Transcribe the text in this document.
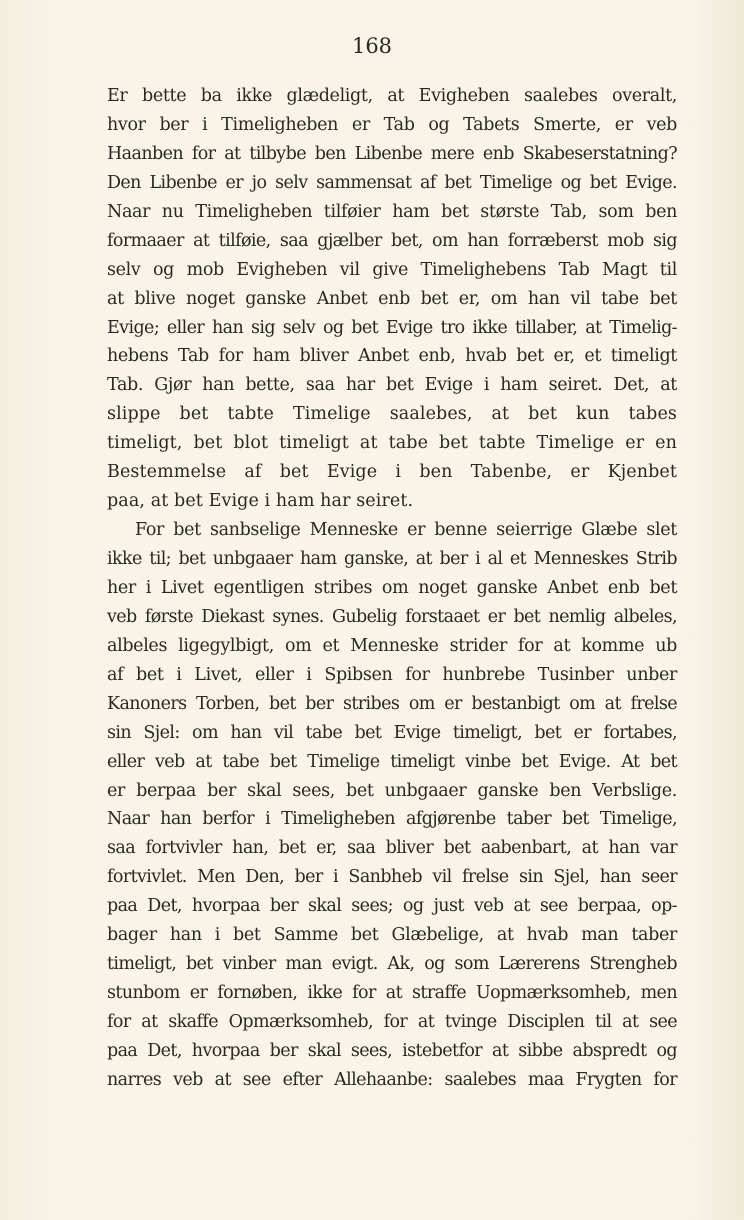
168
Er bette ba ikke glædeligt, at Evigheben saalebes overalt,
hvor ber i Timeligheben er Tab og Tabets Smerte, er veb
Haanben for at tilbybe ben Libenbe mere enb Skabeserstatning?
Den Libenbe er jo selv sammensat af bet Timelige og bet Evige.
Naar nu Timeligheben tilføier ham bet største Tab, som ben
formaaer at tilføie, saa gjælber bet, om han forræberst mob sig
selv og mob Evigheben vil give Timelighebens Tab Magt til
at blive noget ganske Anbet enb bet er, om han vil tabe bet
Evige; eller han sig selv og bet Evige tro ikke tillaber, at Timelig-
hebens Tab for ham bliver Anbet enb, hvab bet er, et timeligt
Tab. Gjør han bette, saa har bet Evige i ham seiret. Det, at
slippe bet tabte Timelige saalebes, at bet kun tabes
timeligt, bet blot timeligt at tabe bet tabte Timelige er en
Bestemmelse af bet Evige i ben Tabenbe, er Kjenbet
paa, at bet Evige i ham har seiret.
For bet sanbselige Menneske er benne seierrige Glæbe slet
ikke til; bet unbgaaer ham ganske, at ber i al et Menneskes Strib
her i Livet egentligen stribes om noget ganske Anbet enb bet
veb første Diekast synes. Gubelig forstaaet er bet nemlig albeles,
albeles ligegylbigt, om et Menneske strider for at komme ub
af bet i Livet, eller i Spibsen for hunbrebe Tusinber unber
Kanoners Torben, bet ber stribes om er bestanbigt om at frelse
sin Sjel: om han vil tabe bet Evige timeligt, bet er fortabes,
eller veb at tabe bet Timelige timeligt vinbe bet Evige. At bet
er berpaa ber skal sees, bet unbgaaer ganske ben Verbslige.
Naar han berfor i Timeligheben afgjørenbe taber bet Timelige,
saa fortvivler han, bet er, saa bliver bet aabenbart, at han var
fortvivlet. Men Den, ber i Sanbheb vil frelse sin Sjel, han seer
paa Det, hvorpaa ber skal sees; og just veb at see berpaa, op-
bager han i bet Samme bet Glæbelige, at hvab man taber
timeligt, bet vinber man evigt. Ak, og som Lærerens Strengheb
stunbom er fornøben, ikke for at straffe Uopmærksomheb, men
for at skaffe Opmærksomheb, for at tvinge Disciplen til at see
paa Det, hvorpaa ber skal sees, istebetfor at sibbe abspredt og
narres veb at see efter Allehaanbe: saalebes maa Frygten for
